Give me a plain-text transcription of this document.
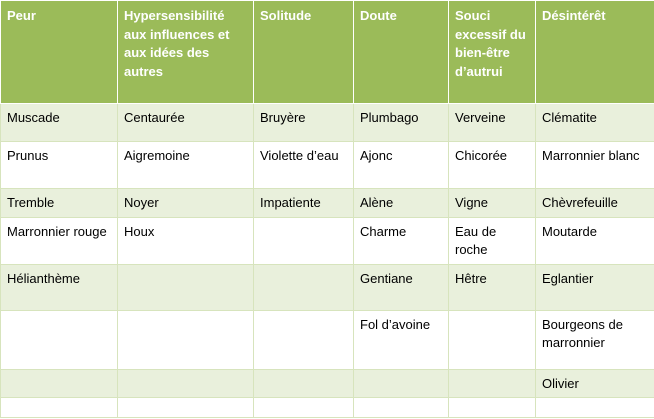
Peur	Hypersensibilité aux influences et aux idées des autres	Solitude	Doute	Souci excessif du bien-être d’autrui	Désintérêt
Muscade	Centaurée	Bruyère	Plumbago	Verveine	Clématite
Prunus	Aigremoine	Violette d’eau	Ajonc	Chicorée	Marronnier blanc
Tremble	Noyer	Impatiente	Alène	Vigne	Chèvrefeuille
Marronnier rouge	Houx		Charme	Eau de roche	Moutarde
Hélianthème			Gentiane	Hêtre	Eglantier
			Fol d’avoine		Bourgeons de marronnier
					Olivier
